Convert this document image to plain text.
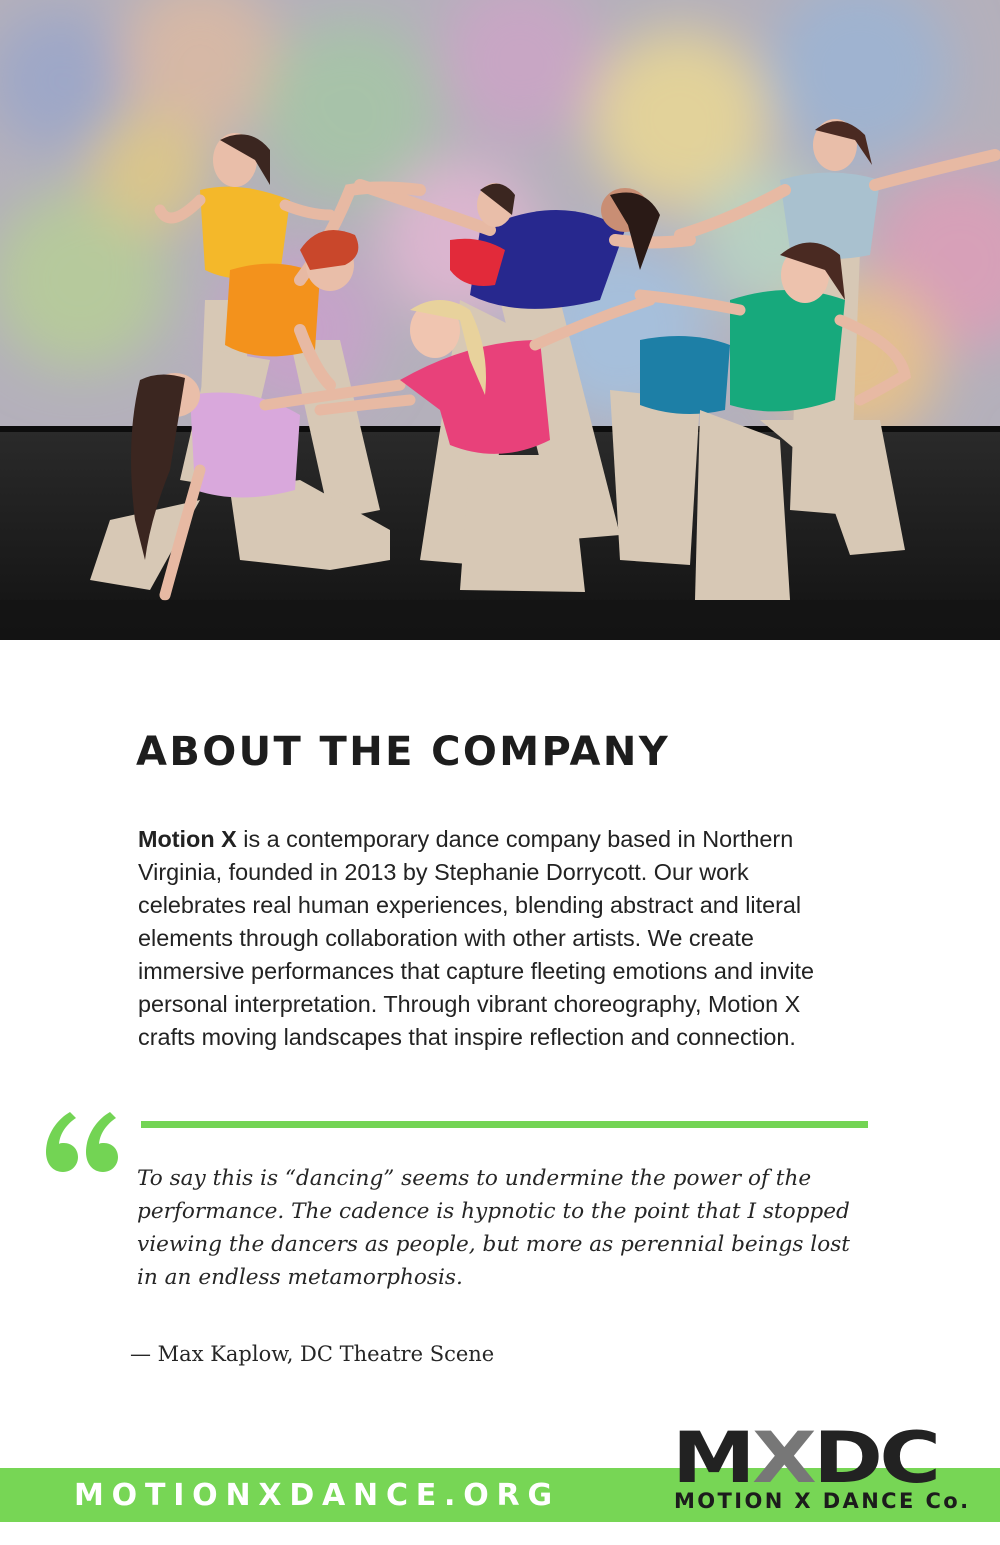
ABOUT THE COMPANY

Motion X is a contemporary dance company based in Northern Virginia, founded in 2013 by Stephanie Dorrycott. Our work celebrates real human experiences, blending abstract and literal elements through collaboration with other artists. We create immersive performances that capture fleeting emotions and invite personal interpretation. Through vibrant choreography, Motion X crafts moving landscapes that inspire reflection and connection.

To say this is “dancing” seems to undermine the power of the performance. The cadence is hypnotic to the point that I stopped viewing the dancers as people, but more as perennial beings lost in an endless metamorphosis.

— Max Kaplow, DC Theatre Scene

MOTIONXDANCE.ORG MXDC
MOTION X DANCE Co.
